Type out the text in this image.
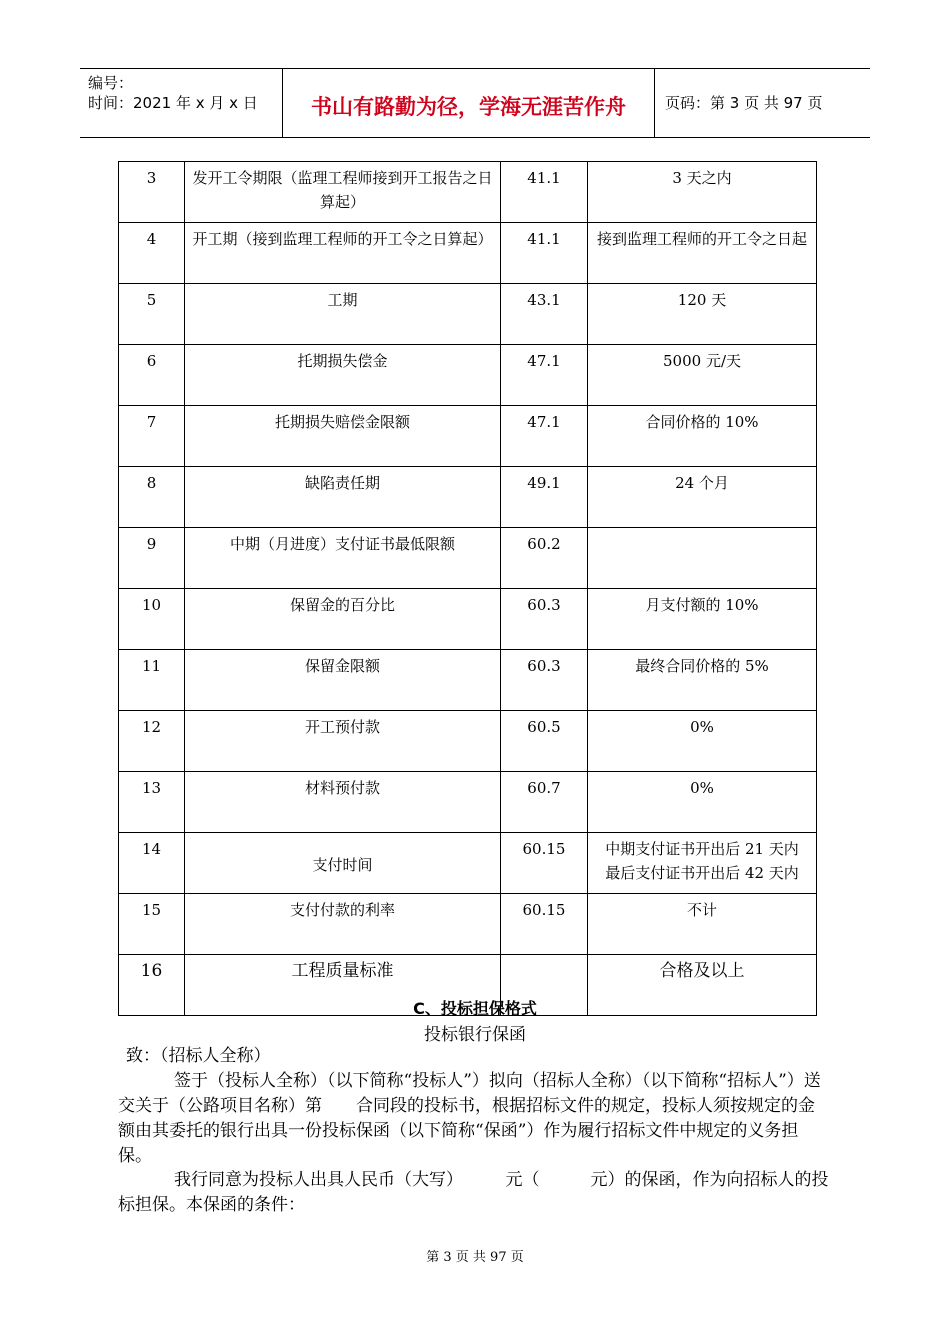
编号：
时间：2021 年 x 月 x 日	书山有路勤为径，学海无涯苦作舟	页码：第 3 页 共 97 页
3	发开工令期限（监理工程师接到开工报告之日算起）	41.1	3 天之内
4	开工期（接到监理工程师的开工令之日算起）	41.1	接到监理工程师的开工令之日起
5	工期	43.1	120 天
6	托期损失偿金	47.1	5000 元/天
7	托期损失赔偿金限额	47.1	合同价格的 10%
8	缺陷责任期	49.1	24 个月
9	中期（月进度）支付证书最低限额	60.2	
10	保留金的百分比	60.3	月支付额的 10%
11	保留金限额	60.3	最终合同价格的 5%
12	开工预付款	60.5	0%
13	材料预付款	60.7	0%
14	支付时间	60.15	中期支付证书开出后 21 天内
最后支付证书开出后 42 天内

15	支付付款的利率	60.15	不计
16	工程质量标准		合格及以上
C、投标担保格式
投标银行保函
致：（招标人全称）
签于（投标人全称）（以下简称“投标人”）拟向（招标人全称）（以下简称“招标人”）送交关于（公路项目名称）第　　合同段的投标书，根据招标文件的规定，投标人须按规定的金额由其委托的银行出具一份投标保函（以下简称“保函”）作为履行招标文件中规定的义务担保。
我行同意为投标人出具人民币（大写）　　　元（　　　元）的保函，作为向招标人的投标担保。本保函的条件：
第 3 页 共 97 页
